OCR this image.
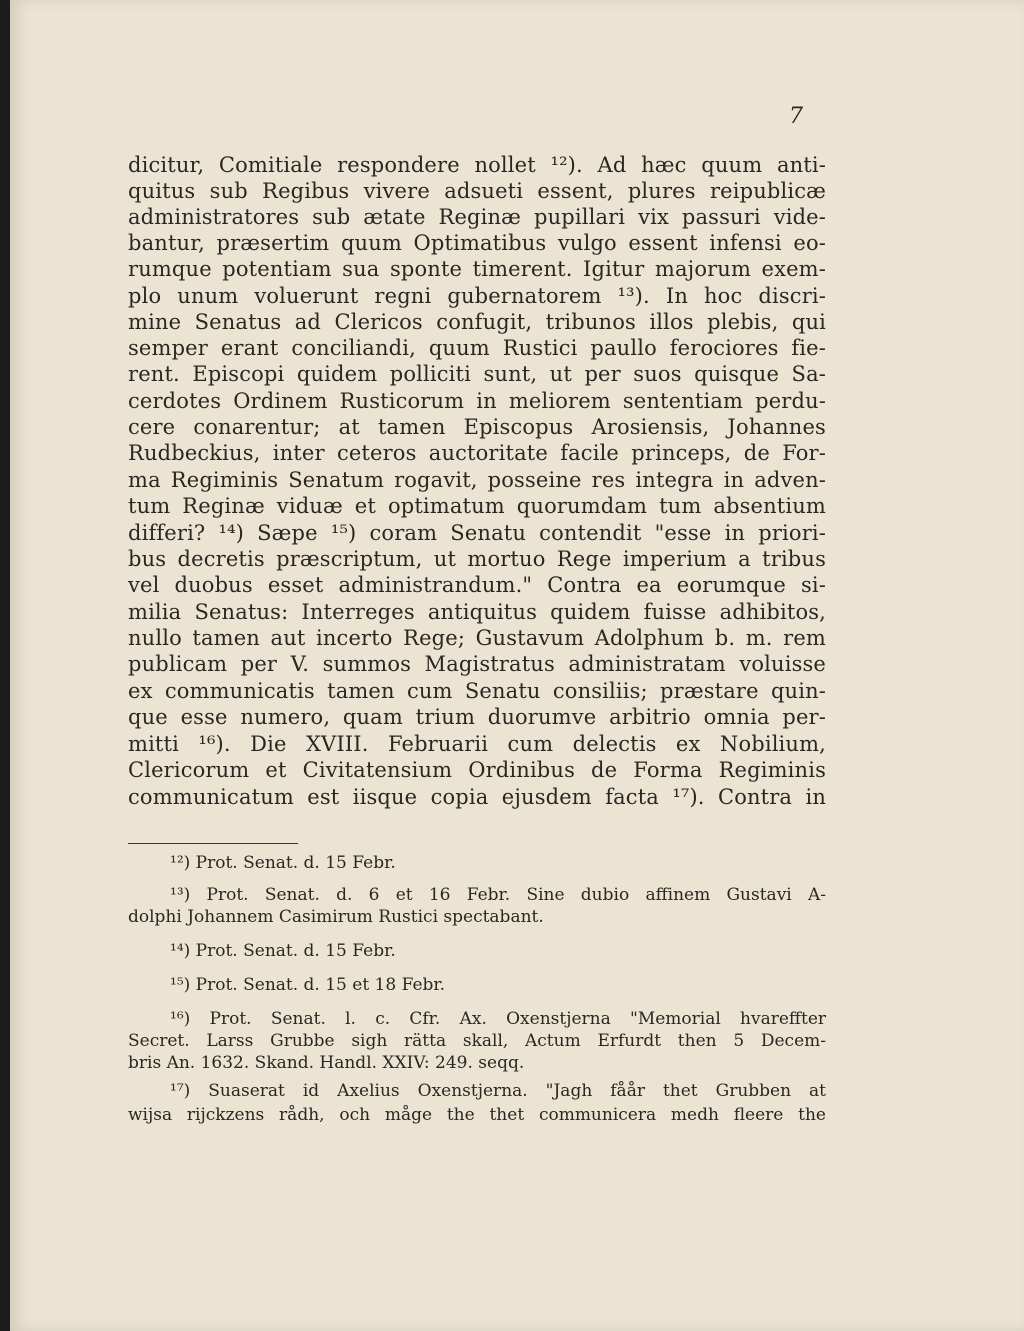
7
dicitur, Comitiale respondere nollet ¹²). Ad hæc quum anti-
quitus sub Regibus vivere adsueti essent, plures reipublicæ
administratores sub ætate Reginæ pupillari vix passuri vide-
bantur, præsertim quum Optimatibus vulgo essent infensi eo-
rumque potentiam sua sponte timerent. Igitur majorum exem-
plo unum voluerunt regni gubernatorem ¹³). In hoc discri-
mine Senatus ad Clericos confugit, tribunos illos plebis, qui
semper erant conciliandi, quum Rustici paullo ferociores fie-
rent. Episcopi quidem polliciti sunt, ut per suos quisque Sa-
cerdotes Ordinem Rusticorum in meliorem sententiam perdu-
cere conarentur; at tamen Episcopus Arosiensis, Johannes
Rudbeckius, inter ceteros auctoritate facile princeps, de For-
ma Regiminis Senatum rogavit, posseine res integra in adven-
tum Reginæ viduæ et optimatum quorumdam tum absentium
differi? ¹⁴) Sæpe ¹⁵) coram Senatu contendit "esse in priori-
bus decretis præscriptum, ut mortuo Rege imperium a tribus
vel duobus esset administrandum." Contra ea eorumque si-
milia Senatus: Interreges antiquitus quidem fuisse adhibitos,
nullo tamen aut incerto Rege; Gustavum Adolphum b. m. rem
publicam per V. summos Magistratus administratam voluisse
ex communicatis tamen cum Senatu consiliis; præstare quin-
que esse numero, quam trium duorumve arbitrio omnia per-
mitti ¹⁶). Die XVIII. Februarii cum delectis ex Nobilium,
Clericorum et Civitatensium Ordinibus de Forma Regiminis
communicatum est iisque copia ejusdem facta ¹⁷). Contra in
¹²) Prot. Senat. d. 15 Febr.
¹³) Prot. Senat. d. 6 et 16 Febr. Sine dubio affinem Gustavi A-
dolphi Johannem Casimirum Rustici spectabant.
¹⁴) Prot. Senat. d. 15 Febr.
¹⁵) Prot. Senat. d. 15 et 18 Febr.
¹⁶) Prot. Senat. l. c. Cfr. Ax. Oxenstjerna "Memorial hvareffter
Secret. Larss Grubbe sigh rätta skall, Actum Erfurdt then 5 Decem-
bris An. 1632. Skand. Handl. XXIV: 249. seqq.
¹⁷) Suaserat id Axelius Oxenstjerna. "Jagh fåår thet Grubben at
wijsa rijckzens rådh, och måge the thet communicera medh fleere the
